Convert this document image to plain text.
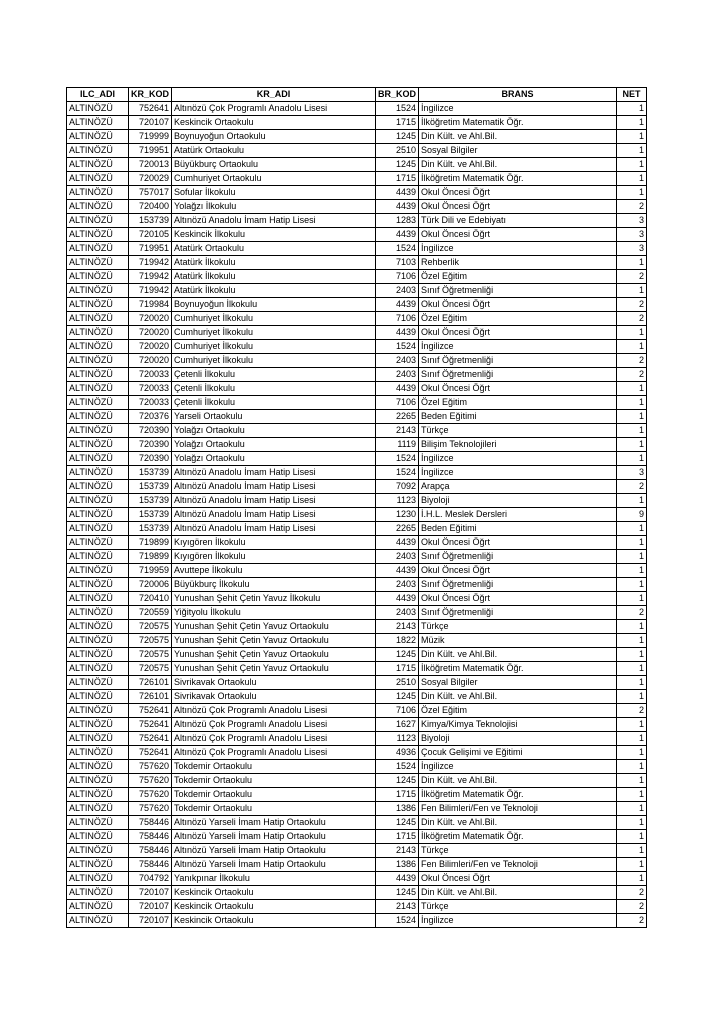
ILC_ADI	KR_KOD	KR_ADI	BR_KOD	BRANS	NET
ALTINÖZÜ	752641	Altınözü Çok Programlı Anadolu Lisesi	1524	İngilizce	1
ALTINÖZÜ	720107	Keskincik Ortaokulu	1715	İlköğretim Matematik Öğr.	1
ALTINÖZÜ	719999	Boynuyoğun Ortaokulu	1245	Din Kült. ve Ahl.Bil.	1
ALTINÖZÜ	719951	Atatürk Ortaokulu	2510	Sosyal Bilgiler	1
ALTINÖZÜ	720013	Büyükburç Ortaokulu	1245	Din Kült. ve Ahl.Bil.	1
ALTINÖZÜ	720029	Cumhuriyet Ortaokulu	1715	İlköğretim Matematik Öğr.	1
ALTINÖZÜ	757017	Sofular İlkokulu	4439	Okul Öncesi Öğrt	1
ALTINÖZÜ	720400	Yolağzı İlkokulu	4439	Okul Öncesi Öğrt	2
ALTINÖZÜ	153739	Altınözü Anadolu İmam Hatip Lisesi	1283	Türk Dili ve Edebiyatı	3
ALTINÖZÜ	720105	Keskincik İlkokulu	4439	Okul Öncesi Öğrt	3
ALTINÖZÜ	719951	Atatürk Ortaokulu	1524	İngilizce	3
ALTINÖZÜ	719942	Atatürk İlkokulu	7103	Rehberlik	1
ALTINÖZÜ	719942	Atatürk İlkokulu	7106	Özel Eğitim	2
ALTINÖZÜ	719942	Atatürk İlkokulu	2403	Sınıf Öğretmenliği	1
ALTINÖZÜ	719984	Boynuyoğun İlkokulu	4439	Okul Öncesi Öğrt	2
ALTINÖZÜ	720020	Cumhuriyet İlkokulu	7106	Özel Eğitim	2
ALTINÖZÜ	720020	Cumhuriyet İlkokulu	4439	Okul Öncesi Öğrt	1
ALTINÖZÜ	720020	Cumhuriyet İlkokulu	1524	İngilizce	1
ALTINÖZÜ	720020	Cumhuriyet İlkokulu	2403	Sınıf Öğretmenliği	2
ALTINÖZÜ	720033	Çetenli İlkokulu	2403	Sınıf Öğretmenliği	2
ALTINÖZÜ	720033	Çetenli İlkokulu	4439	Okul Öncesi Öğrt	1
ALTINÖZÜ	720033	Çetenli İlkokulu	7106	Özel Eğitim	1
ALTINÖZÜ	720376	Yarseli Ortaokulu	2265	Beden Eğitimi	1
ALTINÖZÜ	720390	Yolağzı Ortaokulu	2143	Türkçe	1
ALTINÖZÜ	720390	Yolağzı Ortaokulu	1119	Bilişim Teknolojileri	1
ALTINÖZÜ	720390	Yolağzı Ortaokulu	1524	İngilizce	1
ALTINÖZÜ	153739	Altınözü Anadolu İmam Hatip Lisesi	1524	İngilizce	3
ALTINÖZÜ	153739	Altınözü Anadolu İmam Hatip Lisesi	7092	Arapça	2
ALTINÖZÜ	153739	Altınözü Anadolu İmam Hatip Lisesi	1123	Biyoloji	1
ALTINÖZÜ	153739	Altınözü Anadolu İmam Hatip Lisesi	1230	İ.H.L. Meslek Dersleri	9
ALTINÖZÜ	153739	Altınözü Anadolu İmam Hatip Lisesi	2265	Beden Eğitimi	1
ALTINÖZÜ	719899	Kıyıgören İlkokulu	4439	Okul Öncesi Öğrt	1
ALTINÖZÜ	719899	Kıyıgören İlkokulu	2403	Sınıf Öğretmenliği	1
ALTINÖZÜ	719959	Avuttepe İlkokulu	4439	Okul Öncesi Öğrt	1
ALTINÖZÜ	720006	Büyükburç İlkokulu	2403	Sınıf Öğretmenliği	1
ALTINÖZÜ	720410	Yunushan Şehit Çetin Yavuz İlkokulu	4439	Okul Öncesi Öğrt	1
ALTINÖZÜ	720559	Yiğityolu İlkokulu	2403	Sınıf Öğretmenliği	2
ALTINÖZÜ	720575	Yunushan Şehit Çetin Yavuz Ortaokulu	2143	Türkçe	1
ALTINÖZÜ	720575	Yunushan Şehit Çetin Yavuz Ortaokulu	1822	Müzik	1
ALTINÖZÜ	720575	Yunushan Şehit Çetin Yavuz Ortaokulu	1245	Din Kült. ve Ahl.Bil.	1
ALTINÖZÜ	720575	Yunushan Şehit Çetin Yavuz Ortaokulu	1715	İlköğretim Matematik Öğr.	1
ALTINÖZÜ	726101	Sivrikavak Ortaokulu	2510	Sosyal Bilgiler	1
ALTINÖZÜ	726101	Sivrikavak Ortaokulu	1245	Din Kült. ve Ahl.Bil.	1
ALTINÖZÜ	752641	Altınözü Çok Programlı Anadolu Lisesi	7106	Özel Eğitim	2
ALTINÖZÜ	752641	Altınözü Çok Programlı Anadolu Lisesi	1627	Kimya/Kimya Teknolojisi	1
ALTINÖZÜ	752641	Altınözü Çok Programlı Anadolu Lisesi	1123	Biyoloji	1
ALTINÖZÜ	752641	Altınözü Çok Programlı Anadolu Lisesi	4936	Çocuk Gelişimi ve Eğitimi	1
ALTINÖZÜ	757620	Tokdemir Ortaokulu	1524	İngilizce	1
ALTINÖZÜ	757620	Tokdemir Ortaokulu	1245	Din Kült. ve Ahl.Bil.	1
ALTINÖZÜ	757620	Tokdemir Ortaokulu	1715	İlköğretim Matematik Öğr.	1
ALTINÖZÜ	757620	Tokdemir Ortaokulu	1386	Fen Bilimleri/Fen ve Teknoloji	1
ALTINÖZÜ	758446	Altınözü Yarseli İmam Hatip Ortaokulu	1245	Din Kült. ve Ahl.Bil.	1
ALTINÖZÜ	758446	Altınözü Yarseli İmam Hatip Ortaokulu	1715	İlköğretim Matematik Öğr.	1
ALTINÖZÜ	758446	Altınözü Yarseli İmam Hatip Ortaokulu	2143	Türkçe	1
ALTINÖZÜ	758446	Altınözü Yarseli İmam Hatip Ortaokulu	1386	Fen Bilimleri/Fen ve Teknoloji	1
ALTINÖZÜ	704792	Yanıkpınar İlkokulu	4439	Okul Öncesi Öğrt	1
ALTINÖZÜ	720107	Keskincik Ortaokulu	1245	Din Kült. ve Ahl.Bil.	2
ALTINÖZÜ	720107	Keskincik Ortaokulu	2143	Türkçe	2
ALTINÖZÜ	720107	Keskincik Ortaokulu	1524	İngilizce	2
